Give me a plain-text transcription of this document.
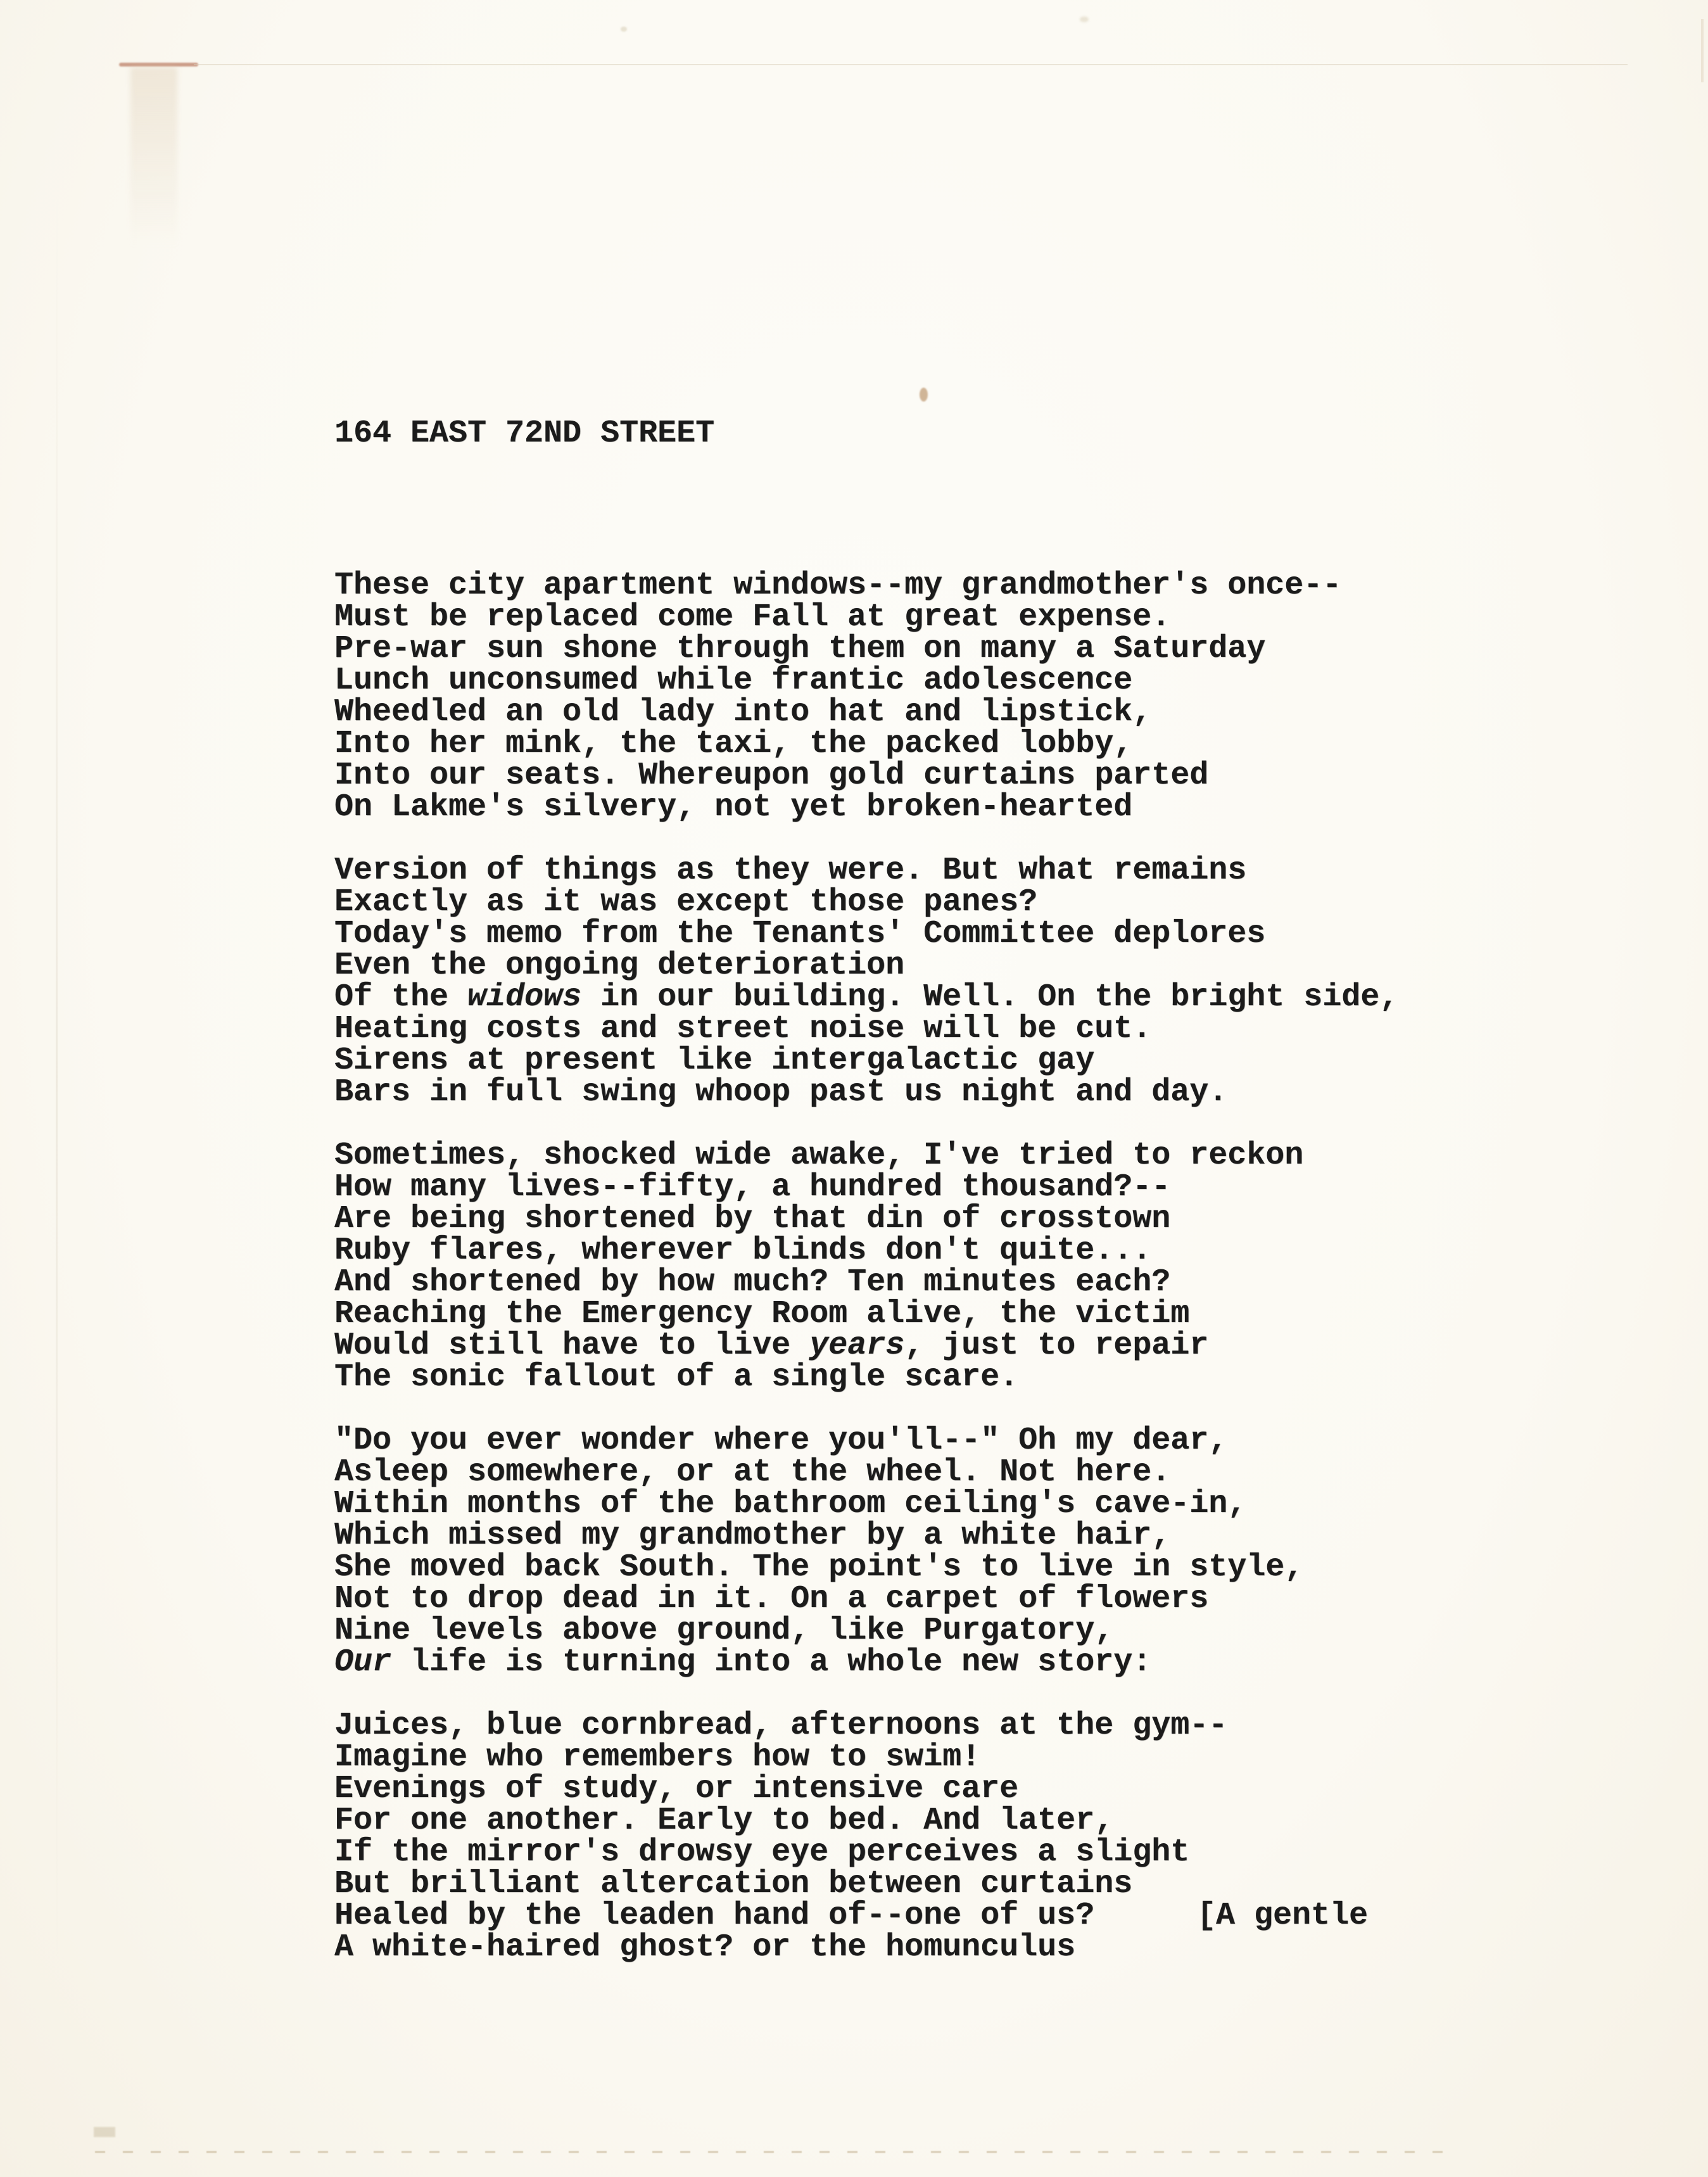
164 EAST 72ND STREET

These city apartment windows--my grandmother's once--
Must be replaced come Fall at great expense.
Pre-war sun shone through them on many a Saturday
Lunch unconsumed while frantic adolescence
Wheedled an old lady into hat and lipstick,
Into her mink, the taxi, the packed lobby,
Into our seats. Whereupon gold curtains parted
On Lakme's silvery, not yet broken-hearted
Version of things as they were. But what remains
Exactly as it was except those panes?
Today's memo from the Tenants' Committee deplores
Even the ongoing deterioration
Of the widows in our building. Well. On the bright side,
Heating costs and street noise will be cut.
Sirens at present like intergalactic gay
Bars in full swing whoop past us night and day.
Sometimes, shocked wide awake, I've tried to reckon
How many lives--fifty, a hundred thousand?--
Are being shortened by that din of crosstown
Ruby flares, wherever blinds don't quite...
And shortened by how much? Ten minutes each?
Reaching the Emergency Room alive, the victim
Would still have to live years, just to repair
The sonic fallout of a single scare.
"Do you ever wonder where you'll--" Oh my dear,
Asleep somewhere, or at the wheel. Not here.
Within months of the bathroom ceiling's cave-in,
Which missed my grandmother by a white hair,
She moved back South. The point's to live in style,
Not to drop dead in it. On a carpet of flowers
Nine levels above ground, like Purgatory,
Our life is turning into a whole new story:
Juices, blue cornbread, afternoons at the gym--
Imagine who remembers how to swim!
Evenings of study, or intensive care
For one another. Early to bed. And later,
If the mirror's drowsy eye perceives a slight
But brilliant altercation between curtains
Healed by the leaden hand of--one of us?
A white-haired ghost? or the homunculus

[A gentle
